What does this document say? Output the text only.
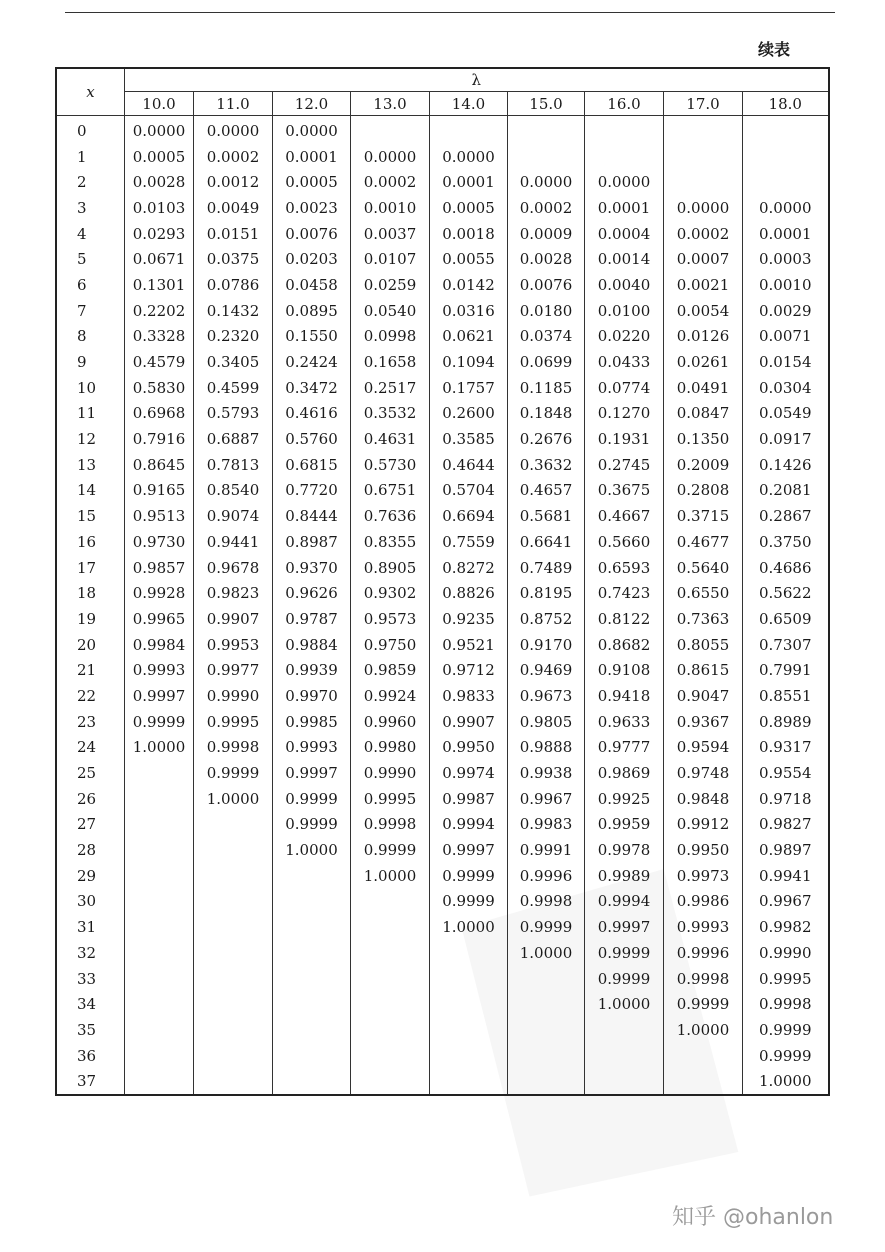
续表
x	λ								
	10.0	11.0	12.0	13.0	14.0	15.0	16.0	17.0	18.0
0	0.0000	0.0000	0.0000						
1	0.0005	0.0002	0.0001	0.0000	0.0000				
2	0.0028	0.0012	0.0005	0.0002	0.0001	0.0000	0.0000		
3	0.0103	0.0049	0.0023	0.0010	0.0005	0.0002	0.0001	0.0000	0.0000
4	0.0293	0.0151	0.0076	0.0037	0.0018	0.0009	0.0004	0.0002	0.0001
5	0.0671	0.0375	0.0203	0.0107	0.0055	0.0028	0.0014	0.0007	0.0003
6	0.1301	0.0786	0.0458	0.0259	0.0142	0.0076	0.0040	0.0021	0.0010
7	0.2202	0.1432	0.0895	0.0540	0.0316	0.0180	0.0100	0.0054	0.0029
8	0.3328	0.2320	0.1550	0.0998	0.0621	0.0374	0.0220	0.0126	0.0071
9	0.4579	0.3405	0.2424	0.1658	0.1094	0.0699	0.0433	0.0261	0.0154
10	0.5830	0.4599	0.3472	0.2517	0.1757	0.1185	0.0774	0.0491	0.0304
11	0.6968	0.5793	0.4616	0.3532	0.2600	0.1848	0.1270	0.0847	0.0549
12	0.7916	0.6887	0.5760	0.4631	0.3585	0.2676	0.1931	0.1350	0.0917
13	0.8645	0.7813	0.6815	0.5730	0.4644	0.3632	0.2745	0.2009	0.1426
14	0.9165	0.8540	0.7720	0.6751	0.5704	0.4657	0.3675	0.2808	0.2081
15	0.9513	0.9074	0.8444	0.7636	0.6694	0.5681	0.4667	0.3715	0.2867
16	0.9730	0.9441	0.8987	0.8355	0.7559	0.6641	0.5660	0.4677	0.3750
17	0.9857	0.9678	0.9370	0.8905	0.8272	0.7489	0.6593	0.5640	0.4686
18	0.9928	0.9823	0.9626	0.9302	0.8826	0.8195	0.7423	0.6550	0.5622
19	0.9965	0.9907	0.9787	0.9573	0.9235	0.8752	0.8122	0.7363	0.6509
20	0.9984	0.9953	0.9884	0.9750	0.9521	0.9170	0.8682	0.8055	0.7307
21	0.9993	0.9977	0.9939	0.9859	0.9712	0.9469	0.9108	0.8615	0.7991
22	0.9997	0.9990	0.9970	0.9924	0.9833	0.9673	0.9418	0.9047	0.8551
23	0.9999	0.9995	0.9985	0.9960	0.9907	0.9805	0.9633	0.9367	0.8989
24	1.0000	0.9998	0.9993	0.9980	0.9950	0.9888	0.9777	0.9594	0.9317
25		0.9999	0.9997	0.9990	0.9974	0.9938	0.9869	0.9748	0.9554
26		1.0000	0.9999	0.9995	0.9987	0.9967	0.9925	0.9848	0.9718
27			0.9999	0.9998	0.9994	0.9983	0.9959	0.9912	0.9827
28			1.0000	0.9999	0.9997	0.9991	0.9978	0.9950	0.9897
29				1.0000	0.9999	0.9996	0.9989	0.9973	0.9941
30					0.9999	0.9998	0.9994	0.9986	0.9967
31					1.0000	0.9999	0.9997	0.9993	0.9982
32						1.0000	0.9999	0.9996	0.9990
33							0.9999	0.9998	0.9995
34							1.0000	0.9999	0.9998
35								1.0000	0.9999
36									0.9999
37									1.0000
知乎 @ohanlon
